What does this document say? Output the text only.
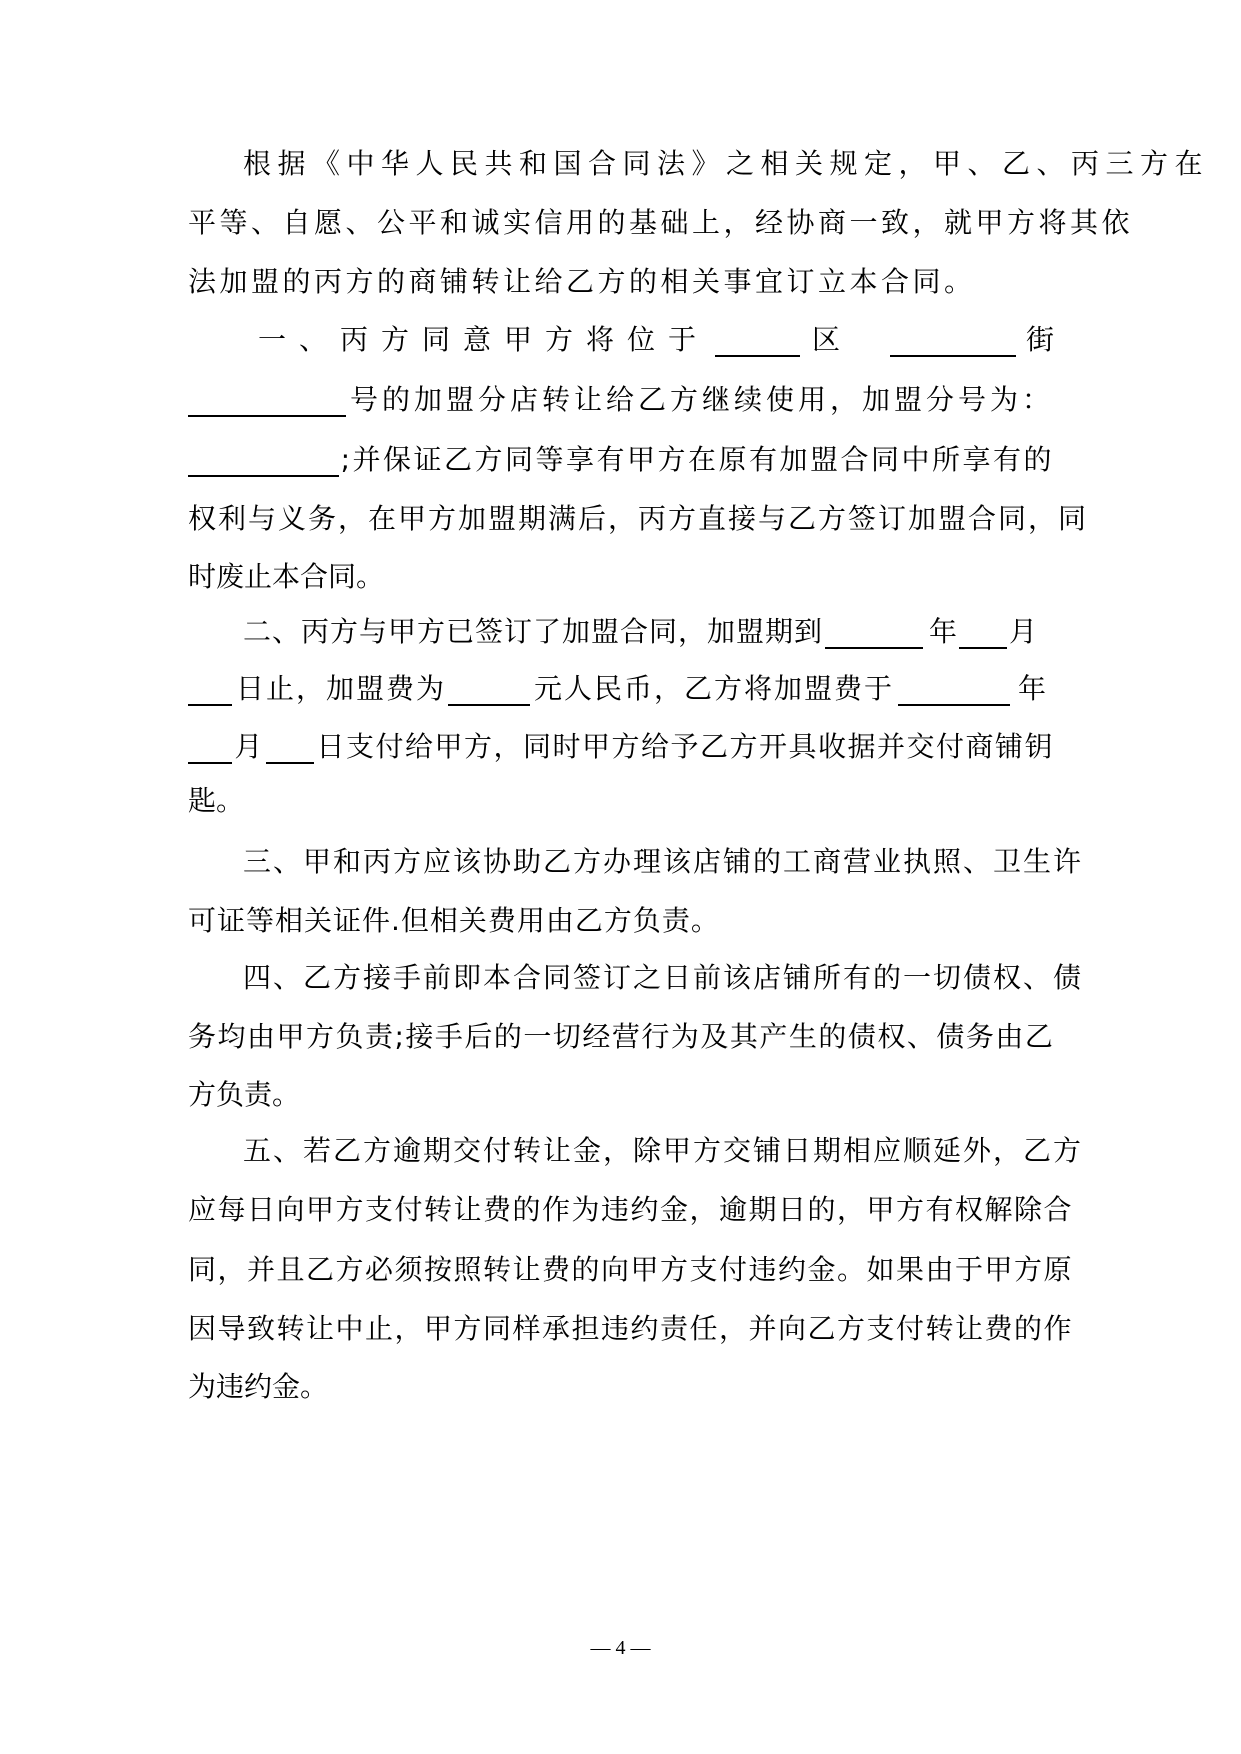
根据《中华人民共和国合同法》之相关规定，甲、乙、丙三方在
平等、自愿、公平和诚实信用的基础上，经协商一致，就甲方将其依
法加盟的丙方的商铺转让给乙方的相关事宜订立本合同。
一、丙方同意甲方将位于	区	街
号的加盟分店转让给乙方继续使用，加盟分号为：
;并保证乙方同等享有甲方在原有加盟合同中所享有的
权利与义务，在甲方加盟期满后，丙方直接与乙方签订加盟合同，同
时废止本合同。
二、丙方与甲方已签订了加盟合同，加盟期到	年 月
日止，加盟费为	元人民币，乙方将加盟费于	年
月 日支付给甲方，同时甲方给予乙方开具收据并交付商铺钥
匙。
三、甲和丙方应该协助乙方办理该店铺的工商营业执照、卫生许
可证等相关证件.但相关费用由乙方负责。
四、乙方接手前即本合同签订之日前该店铺所有的一切债权、债
务均由甲方负责;接手后的一切经营行为及其产生的债权、债务由乙
方负责。
五、若乙方逾期交付转让金，除甲方交铺日期相应顺延外，乙方
应每日向甲方支付转让费的作为违约金，逾期日的，甲方有权解除合
同，并且乙方必须按照转让费的向甲方支付违约金。如果由于甲方原
因导致转让中止，甲方同样承担违约责任，并向乙方支付转让费的作
为违约金。
— 4 —
